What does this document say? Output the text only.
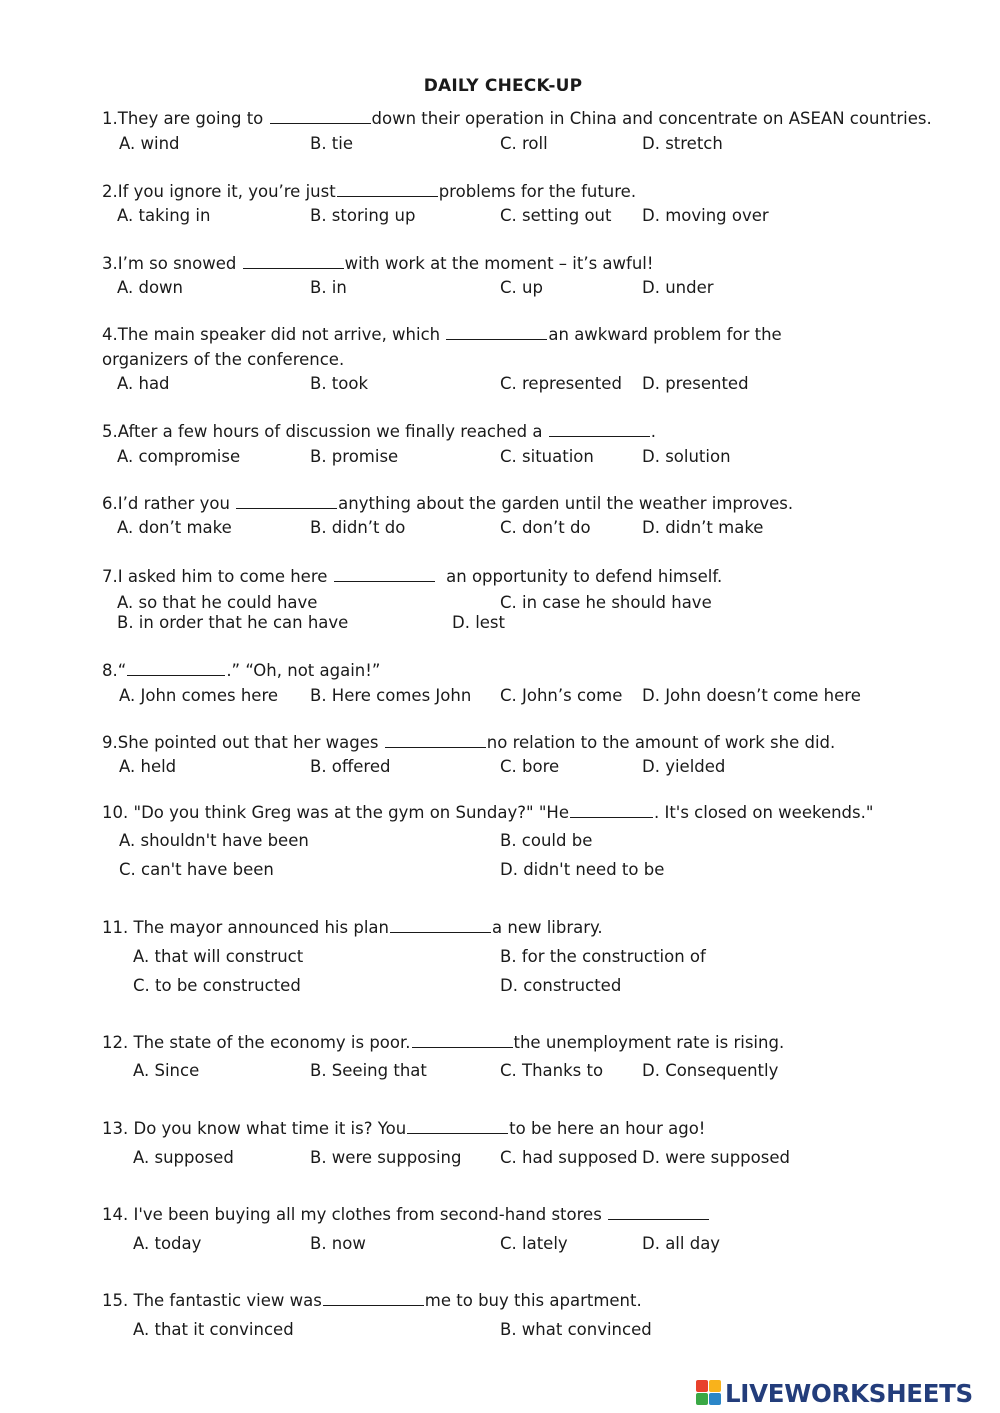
DAILY CHECK-UP
1.They are going to	down their operation in China and concentrate on ASEAN countries.
A. wind	B. tie	C. roll	D. stretch
2.If you ignore it, you’re just	problems for the future.
A. taking in	B. storing up	C. setting out D. moving over
3.I’m so snowed	with work at the moment – it’s awful!
A. down	B. in	C. up	D. under
4.The main speaker did not arrive, which	an awkward problem for the
organizers of the conference.
A. had	B. took	C. represented D. presented
5.After a few hours of discussion we finally reached a	.
A. compromise	B. promise	C. situation	D. solution
6.I’d rather you	anything about the garden until the weather improves.
A. don’t make	B. didn’t do	C. don’t do	D. didn’t make
7.I asked him to come here	an opportunity to defend himself.
A. so that he could have	C. in case he should have
B. in order that he can have	D. lest
8.“	.” “Oh, not again!”
A. John comes here B. Here comes John C. John’s come D. John doesn’t come here
9.She pointed out that her wages	no relation to the amount of work she did.
A. held	B. offered	C. bore	D. yielded
10. "Do you think Greg was at the gym on Sunday?" "He	. It's closed on weekends."
A. shouldn't have been	B. could be
C. can't have been	D. didn't need to be
11. The mayor announced his plan	a new library.
A. that will construct	B. for the construction of
C. to be constructed	D. constructed
12. The state of the economy is poor.	the unemployment rate is rising.
A. Since	B. Seeing that	C. Thanks to D. Consequently
13. Do you know what time it is? You	to be here an hour ago!
A. supposed	B. were supposing C. had supposed D. were supposed
14. I've been buying all my clothes from second-hand stores
A. today	B. now	C. lately	D. all day
15. The fantastic view was	me to buy this apartment.
A. that it convinced	B. what convinced
LIVEWORKSHEETS
